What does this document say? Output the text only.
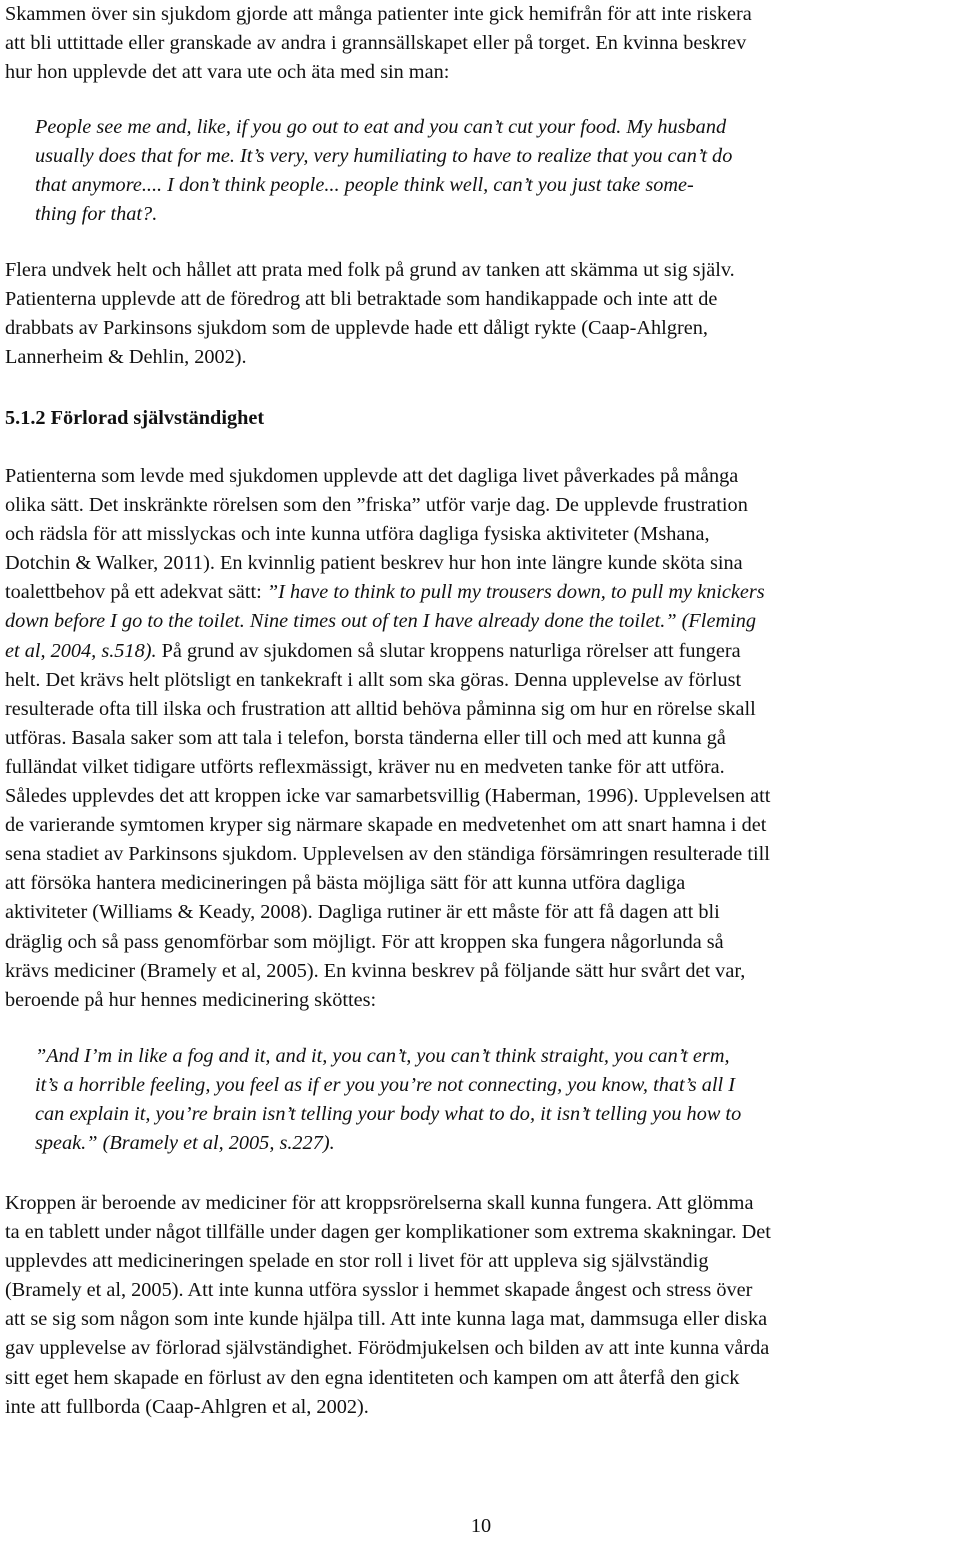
Skammen över sin sjukdom gjorde att många patienter inte gick hemifrån för att inte riskera

att bli uttittade eller granskade av andra i grannsällskapet eller på torget. En kvinna beskrev

hur hon upplevde det att vara ute och äta med sin man:

People see me and, like, if you go out to eat and you can’t cut your food. My husband

usually does that for me. It’s very, very humiliating to have to realize that you can’t do

that anymore.... I don’t think people... people think well, can’t you just take some-

thing for that?.

Flera undvek helt och hållet att prata med folk på grund av tanken att skämma ut sig själv.

Patienterna upplevde att de föredrog att bli betraktade som handikappade och inte att de

drabbats av Parkinsons sjukdom som de upplevde hade ett dåligt rykte (Caap-Ahlgren,

Lannerheim & Dehlin, 2002).

5.1.2 Förlorad självständighet

Patienterna som levde med sjukdomen upplevde att det dagliga livet påverkades på många

olika sätt. Det inskränkte rörelsen som den ”friska” utför varje dag. De upplevde frustration

och rädsla för att misslyckas och inte kunna utföra dagliga fysiska aktiviteter (Mshana,

Dotchin & Walker, 2011). En kvinnlig patient beskrev hur hon inte längre kunde sköta sina

toalettbehov på ett adekvat sätt: ”I have to think to pull my trousers down, to pull my knickers

down before I go to the toilet. Nine times out of ten I have already done the toilet.” (Fleming

et al, 2004, s.518). På grund av sjukdomen så slutar kroppens naturliga rörelser att fungera

helt. Det krävs helt plötsligt en tankekraft i allt som ska göras. Denna upplevelse av förlust

resulterade ofta till ilska och frustration att alltid behöva påminna sig om hur en rörelse skall

utföras. Basala saker som att tala i telefon, borsta tänderna eller till och med att kunna gå

fulländat vilket tidigare utförts reflexmässigt, kräver nu en medveten tanke för att utföra.

Således upplevdes det att kroppen icke var samarbetsvillig (Haberman, 1996). Upplevelsen att

de varierande symtomen kryper sig närmare skapade en medvetenhet om att snart hamna i det

sena stadiet av Parkinsons sjukdom. Upplevelsen av den ständiga försämringen resulterade till

att försöka hantera medicineringen på bästa möjliga sätt för att kunna utföra dagliga

aktiviteter (Williams & Keady, 2008). Dagliga rutiner är ett måste för att få dagen att bli

dräglig och så pass genomförbar som möjligt. För att kroppen ska fungera någorlunda så

krävs mediciner (Bramely et al, 2005). En kvinna beskrev på följande sätt hur svårt det var,

beroende på hur hennes medicinering sköttes:

”And I’m in like a fog and it, and it, you can’t, you can’t think straight, you can’t erm,

it’s a horrible feeling, you feel as if er you you’re not connecting, you know, that’s all I

can explain it, you’re brain isn’t telling your body what to do, it isn’t telling you how to

speak.” (Bramely et al, 2005, s.227).

Kroppen är beroende av mediciner för att kroppsrörelserna skall kunna fungera. Att glömma

ta en tablett under något tillfälle under dagen ger komplikationer som extrema skakningar. Det

upplevdes att medicineringen spelade en stor roll i livet för att uppleva sig självständig

(Bramely et al, 2005). Att inte kunna utföra sysslor i hemmet skapade ångest och stress över

att se sig som någon som inte kunde hjälpa till. Att inte kunna laga mat, dammsuga eller diska

gav upplevelse av förlorad självständighet. Förödmjukelsen och bilden av att inte kunna vårda

sitt eget hem skapade en förlust av den egna identiteten och kampen om att återfå den gick

inte att fullborda (Caap-Ahlgren et al, 2002).

10
